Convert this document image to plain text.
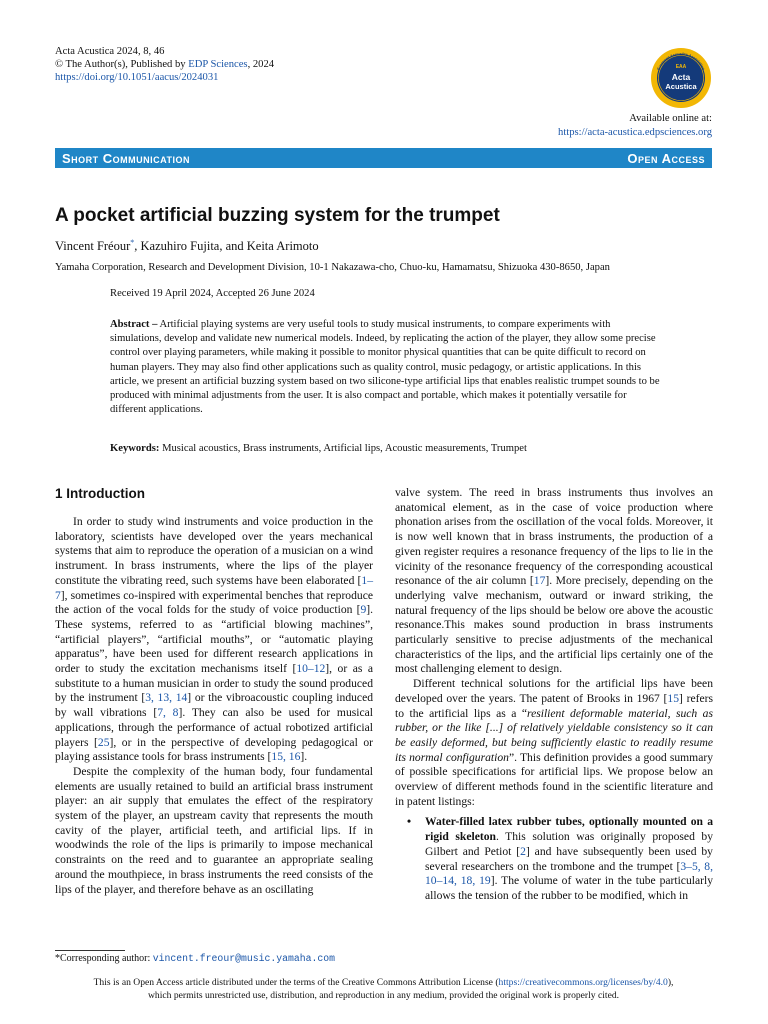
Acta Acustica 2024, 8, 46
© The Author(s), Published by EDP Sciences, 2024
https://doi.org/10.1051/aacus/2024031
EAA
Acta
Acustica
European Acoustics Association
Available online at:
https://acta-acustica.edpsciences.org
Short Communication	Open Access
A pocket artificial buzzing system for the trumpet
Vincent Fréour*, Kazuhiro Fujita, and Keita Arimoto
Yamaha Corporation, Research and Development Division, 10-1 Nakazawa-cho, Chuo-ku, Hamamatsu, Shizuoka 430-8650, Japan
Received 19 April 2024, Accepted 26 June 2024
Abstract – Artificial playing systems are very useful tools to study musical instruments, to compare experiments with simulations, develop and validate new numerical models. Indeed, by replicating the action of the player, they allow some precise control over playing parameters, while making it possible to monitor physical quantities that can be quite difficult to record on human players. They may also find other applications such as quality control, music pedagogy, or artistic applications. In this article, we present an artificial buzzing system based on two silicone-type artificial lips that enables realistic trumpet sounds to be produced with minimal adjustments from the user. It is also compact and portable, which makes it potentially versatile for different applications.
Keywords: Musical acoustics, Brass instruments, Artificial lips, Acoustic measurements, Trumpet
1 Introduction

In order to study wind instruments and voice production in the laboratory, scientists have developed over the years mechanical systems that aim to reproduce the operation of a musician on a wind instrument. In brass instruments, where the lips of the player constitute the vibrating reed, such systems have been elaborated [1–7], sometimes co-inspired with experimental benches that reproduce the action of the vocal folds for the study of voice production [9]. These systems, referred to as “artificial blowing machines”, “artificial players”, “artificial mouths”, or “automatic playing apparatus”, have been used for different research applications in order to study the excitation mechanisms itself [10–12], or as a substitute to a human musician in order to study the sound produced by the instrument [3, 13, 14] or the vibroacoustic coupling induced by wall vibrations [7, 8]. They can also be used for musical applications, through the performance of actual robotized artificial players [25], or in the perspective of developing pedagogical or playing assistance tools for brass instruments [15, 16].

Despite the complexity of the human body, four fundamental elements are usually retained to build an artificial brass instrument player: an air supply that emulates the effect of the respiratory system of the player, an upstream cavity that represents the mouth cavity of the player, artificial teeth, and artificial lips. If in woodwinds the role of the lips is primarily to impose mechanical constraints on the reed and to guarantee an appropriate sealing around the mouthpiece, in brass instruments the reed consists of the lips of the player, and therefore behave as an oscillating

valve system. The reed in brass instruments thus involves an anatomical element, as in the case of voice production where phonation arises from the oscillation of the vocal folds. Moreover, it is now well known that in brass instruments, the production of a given register requires a resonance frequency of the lips to lie in the vicinity of the resonance frequency of the corresponding acoustical resonance of the air column [17]. More precisely, depending on the underlying valve mechanism, outward or inward striking, the natural frequency of the lips should be below ore above the acoustic resonance.This makes sound production in brass instruments particularly sensitive to precise adjustments of the mechanical characteristics of the lips, and the artificial lips certainly one of the most challenging element to design.

Different technical solutions for the artificial lips have been developed over the years. The patent of Brooks in 1967 [15] refers to the artificial lips as a “resilient deformable material, such as rubber, or the like [...] of relatively yieldable consistency so it can be easily deformed, but being sufficiently elastic to readily resume its normal configuration”. This definition provides a good summary of possible specifications for artificial lips. We propose below an overview of different methods found in the scientific literature and in patent listings:

• Water-filled latex rubber tubes, optionally mounted on a rigid skeleton. This solution was originally proposed by Gilbert and Petiot [2] and have subsequently been used by several researchers on the trombone and the trumpet [3–5, 8, 10–14, 18, 19]. The volume of water in the tube particularly allows the tension of the rubber to be modified, which in
*Corresponding author: vincent.freour@music.yamaha.com
This is an Open Access article distributed under the terms of the Creative Commons Attribution License (https://creativecommons.org/licenses/by/4.0),
which permits unrestricted use, distribution, and reproduction in any medium, provided the original work is properly cited.
